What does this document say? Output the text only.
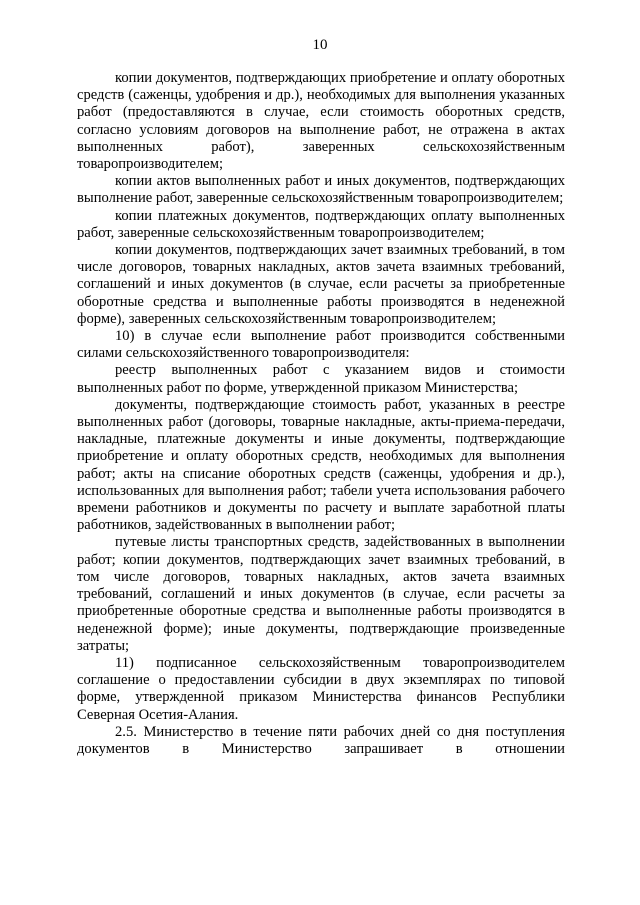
10

копии документов, подтверждающих приобретение и оплату оборотных средств (саженцы, удобрения и др.), необходимых для выполнения указанных работ (предоставляются в случае, если стоимость оборотных средств, согласно условиям договоров на выполнение работ, не отражена в актах выполненных работ), заверенных сельскохозяйственным товаропроизводителем;

копии актов выполненных работ и иных документов, подтверждающих выполнение работ, заверенные сельскохозяйственным товаропроизводителем;

копии платежных документов, подтверждающих оплату выполненных работ, заверенные сельскохозяйственным товаропроизводителем;

копии документов, подтверждающих зачет взаимных требований, в том числе договоров, товарных накладных, актов зачета взаимных требований, соглашений и иных документов (в случае, если расчеты за приобретенные оборотные средства и выполненные работы производятся в неденежной форме), заверенных сельскохозяйственным товаропроизводителем;

10) в случае если выполнение работ производится собственными силами сельскохозяйственного товаропроизводителя:

реестр выполненных работ с указанием видов и стоимости выполненных работ по форме, утвержденной приказом Министерства;

документы, подтверждающие стоимость работ, указанных в реестре выполненных работ (договоры, товарные накладные, акты-приема-передачи, накладные, платежные документы и иные документы, подтверждающие приобретение и оплату оборотных средств, необходимых для выполнения работ; акты на списание оборотных средств (саженцы, удобрения и др.), использованных для выполнения работ; табели учета использования рабочего времени работников и документы по расчету и выплате заработной платы работников, задействованных в выполнении работ;

путевые листы транспортных средств, задействованных в выполнении работ; копии документов, подтверждающих зачет взаимных требований, в том числе договоров, товарных накладных, актов зачета взаимных требований, соглашений и иных документов (в случае, если расчеты за приобретенные оборотные средства и выполненные работы производятся в неденежной форме); иные документы, подтверждающие произведенные затраты;

11) подписанное сельскохозяйственным товаропроизводителем соглашение о предоставлении субсидии в двух экземплярах по типовой форме, утвержденной приказом Министерства финансов Республики Северная Осетия-Алания.

2.5. Министерство в течение пяти рабочих дней со дня поступления документов в Министерство запрашивает в отношении
